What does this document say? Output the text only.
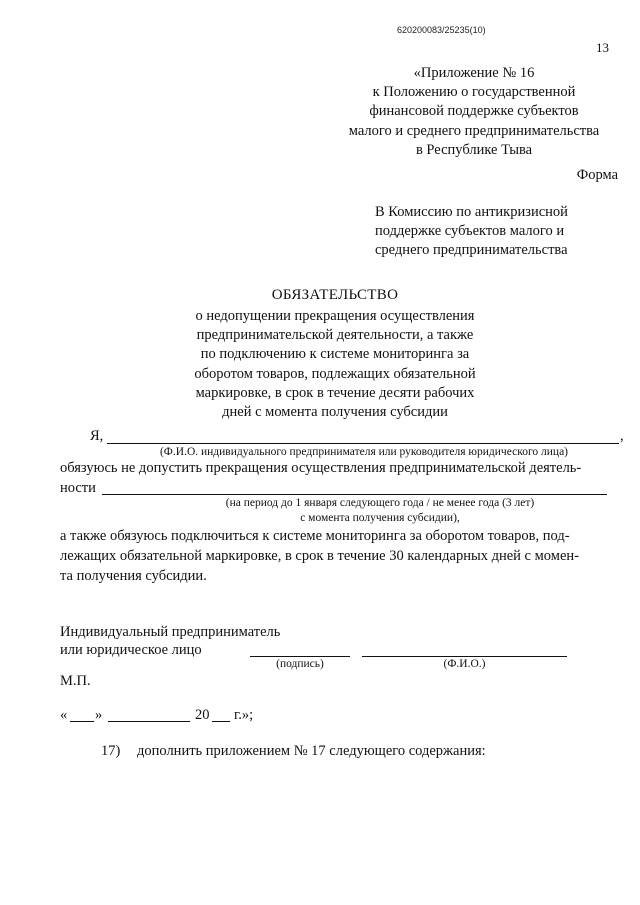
620200083/25235(10)
13
«Приложение № 16
к Положению о государственной
финансовой поддержке субъектов
малого и среднего предпринимательства
в Республике Тыва
Форма
В Комиссию по антикризисной
поддержке субъектов малого и
среднего предпринимательства
ОБЯЗАТЕЛЬСТВО
о недопущении прекращения осуществления
предпринимательской деятельности, а также
по подключению к системе мониторинга за
оборотом товаров, подлежащих обязательной
маркировке, в срок в течение десяти рабочих
дней с момента получения субсидии
Я,	,
(Ф.И.О. индивидуального предпринимателя или руководителя юридического лица)
обязуюсь не допустить прекращения осуществления предпринимательской деятель-
ности
(на период до 1 января следующего года / не менее года (3 лет)
с момента получения субсидии),
а также обязуюсь подключиться к системе мониторинга за оборотом товаров, под-
лежащих обязательной маркировке, в срок в течение 30 календарных дней с момен-
та получения субсидии.
Индивидуальный предприниматель
или юридическое лицо
(подпись)	(Ф.И.О.)
М.П.
« »	20 г.»;
17) дополнить приложением № 17 следующего содержания:
